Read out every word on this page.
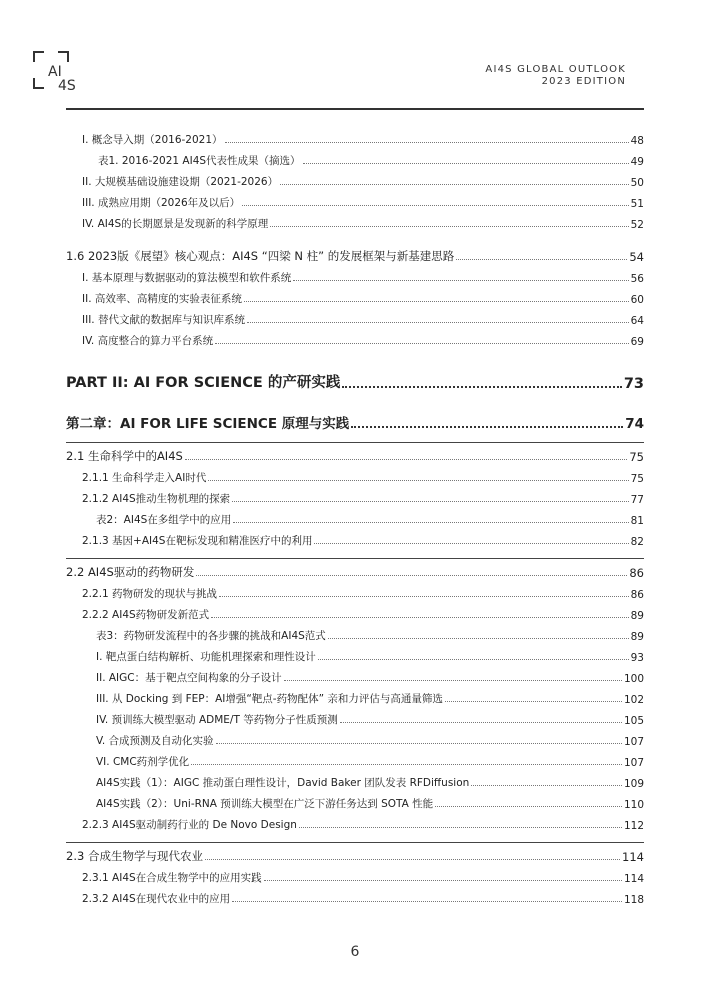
AI
4S
AI4S GLOBAL OUTLOOK
2023 EDITION
I. 概念导入期（2016-2021）	48
表1. 2016-2021 AI4S代表性成果（摘选）	49
II. 大规模基础设施建设期（2021-2026）	50
III. 成熟应用期（2026年及以后）	51
IV. AI4S的长期愿景是发现新的科学原理	52
1.6 2023版《展望》核心观点：AI4S “四梁 N 柱” 的发展框架与新基建思路	54
I. 基本原理与数据驱动的算法模型和软件系统	56
II. 高效率、高精度的实验表征系统	60
III. 替代文献的数据库与知识库系统	64
IV. 高度整合的算力平台系统	69
PART II: AI FOR SCIENCE 的产研实践	73
第二章：AI FOR LIFE SCIENCE 原理与实践	74
2.1 生命科学中的AI4S	75
2.1.1 生命科学走入AI时代	75
2.1.2 AI4S推动生物机理的探索	77
表2：AI4S在多组学中的应用	81
2.1.3 基因+AI4S在靶标发现和精准医疗中的利用	82
2.2 AI4S驱动的药物研发	86
2.2.1 药物研发的现状与挑战	86
2.2.2 AI4S药物研发新范式	89
表3：药物研发流程中的各步骤的挑战和AI4S范式	89
I. 靶点蛋白结构解析、功能机理探索和理性设计	93
II. AIGC：基于靶点空间构象的分子设计	100
III. 从 Docking 到 FEP：AI增强“靶点-药物配体” 亲和力评估与高通量筛选	102
IV. 预训练大模型驱动 ADME/T 等药物分子性质预测	105
V. 合成预测及自动化实验	107
VI. CMC药剂学优化	107
AI4S实践（1）：AIGC 推动蛋白理性设计，David Baker 团队发表 RFDiffusion	109
AI4S实践（2）：Uni-RNA 预训练大模型在广泛下游任务达到 SOTA 性能	110
2.2.3 AI4S驱动制药行业的 De Novo Design	112
2.3 合成生物学与现代农业	114
2.3.1 AI4S在合成生物学中的应用实践	114
2.3.2 AI4S在现代农业中的应用	118
6
